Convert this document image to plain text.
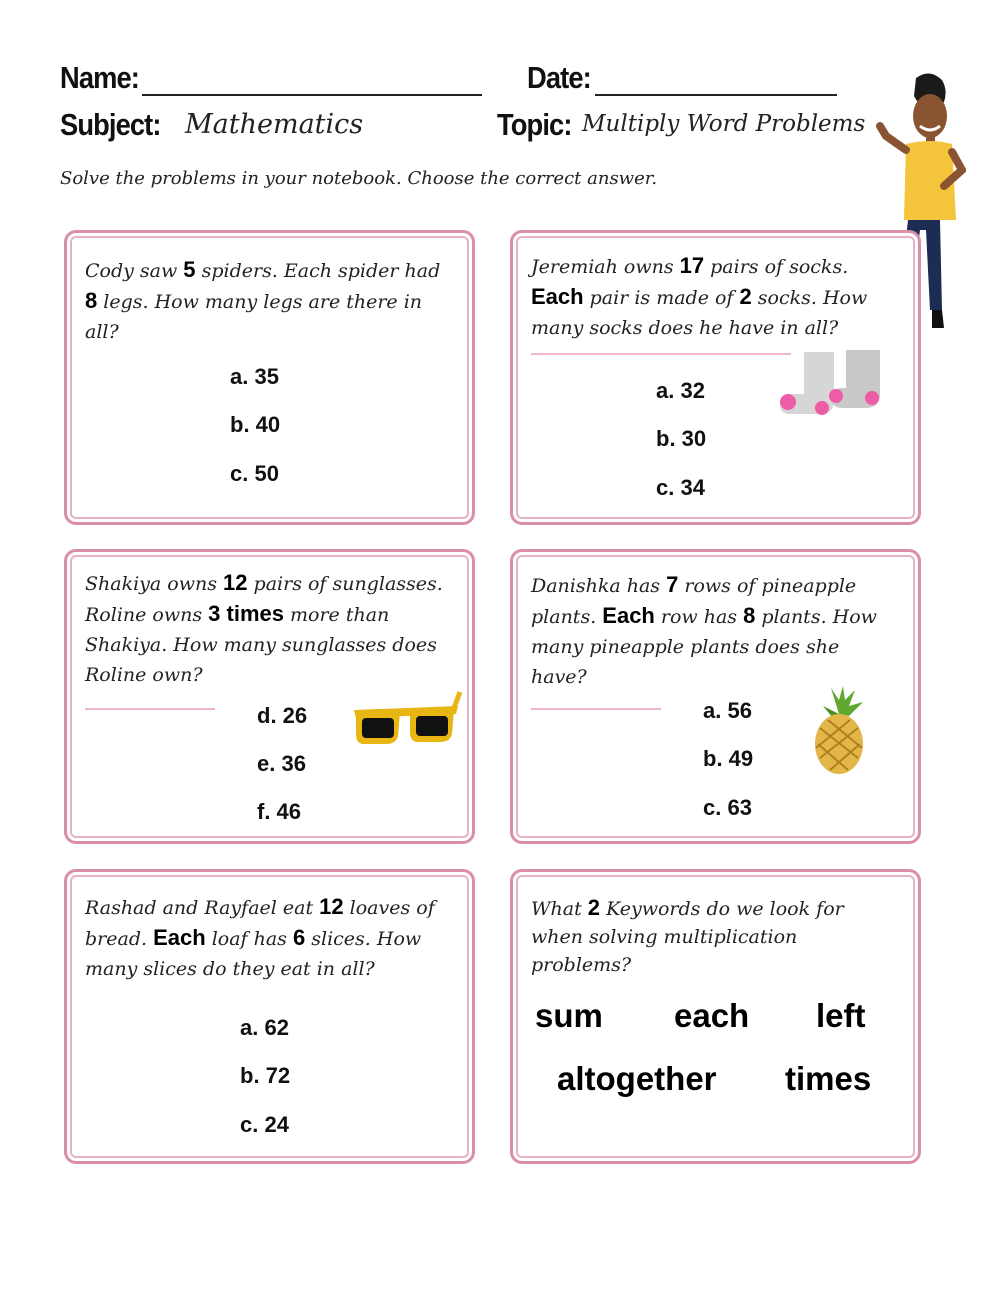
Name:	Date:
Subject: Mathematics	Topic: Multiply Word Problems
Solve the problems in your notebook. Choose the correct answer.
Cody saw 5 spiders. Each spider had 8 legs. How many legs are there in all?
a. 35
b. 40
c. 50
Jeremiah owns 17 pairs of socks. Each pair is made of 2 socks. How many socks does he have in all?
a. 32
b. 30
c. 34
Shakiya owns 12 pairs of sunglasses. Roline owns 3 times more than Shakiya. How many sunglasses does Roline own?
d. 26
e. 36
f. 46
Danishka has 7 rows of pineapple plants. Each row has 8 plants. How many pineapple plants does she have?
a. 56
b. 49
c. 63
Rashad and Rayfael eat 12 loaves of bread. Each loaf has 6 slices. How many slices do they eat in all?
a. 62
b. 72
c. 24
What 2 Keywords do we look for when solving multiplication problems?
sum each left
altogether times
